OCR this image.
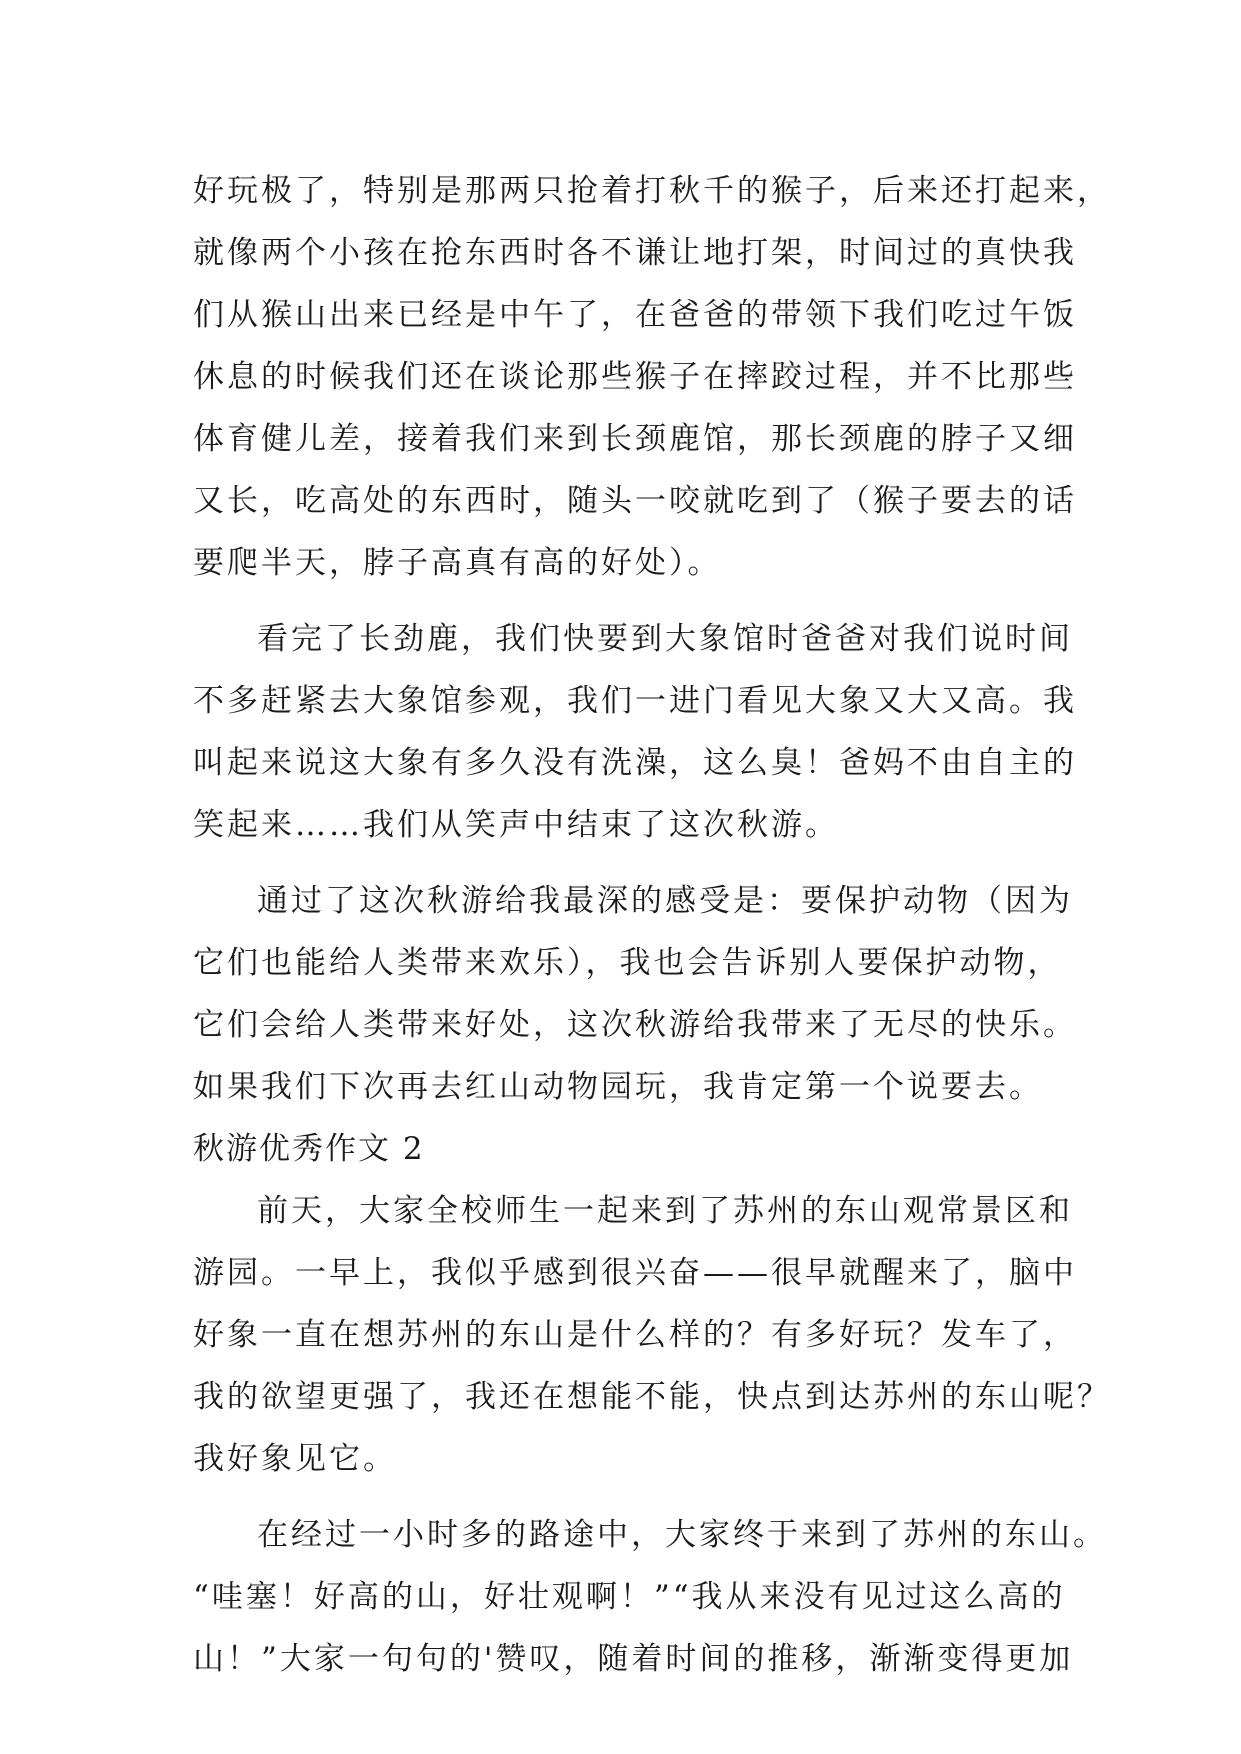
好玩极了，特别是那两只抢着打秋千的猴子，后来还打起来，
就像两个小孩在抢东西时各不谦让地打架，时间过的真快我
们从猴山出来已经是中午了，在爸爸的带领下我们吃过午饭
休息的时候我们还在谈论那些猴子在摔跤过程，并不比那些
体育健儿差，接着我们来到长颈鹿馆，那长颈鹿的脖子又细
又长，吃高处的东西时，随头一咬就吃到了（猴子要去的话
要爬半天，脖子高真有高的好处）。
看完了长劲鹿，我们快要到大象馆时爸爸对我们说时间
不多赶紧去大象馆参观，我们一进门看见大象又大又高。我
叫起来说这大象有多久没有洗澡，这么臭！爸妈不由自主的
笑起来……我们从笑声中结束了这次秋游。
通过了这次秋游给我最深的感受是：要保护动物（因为
它们也能给人类带来欢乐），我也会告诉别人要保护动物，
它们会给人类带来好处，这次秋游给我带来了无尽的快乐。
如果我们下次再去红山动物园玩，我肯定第一个说要去。
秋游优秀作文 2
前天，大家全校师生一起来到了苏州的东山观常景区和
游园。一早上，我似乎感到很兴奋——很早就醒来了，脑中
好象一直在想苏州的东山是什么样的？有多好玩？发车了，
我的欲望更强了，我还在想能不能，快点到达苏州的东山呢？
我好象见它。
在经过一小时多的路途中，大家终于来到了苏州的东山。
“哇塞！好高的山，好壮观啊！”“我从来没有见过这么高的
山！”大家一句句的'赞叹，随着时间的推移，渐渐变得更加
